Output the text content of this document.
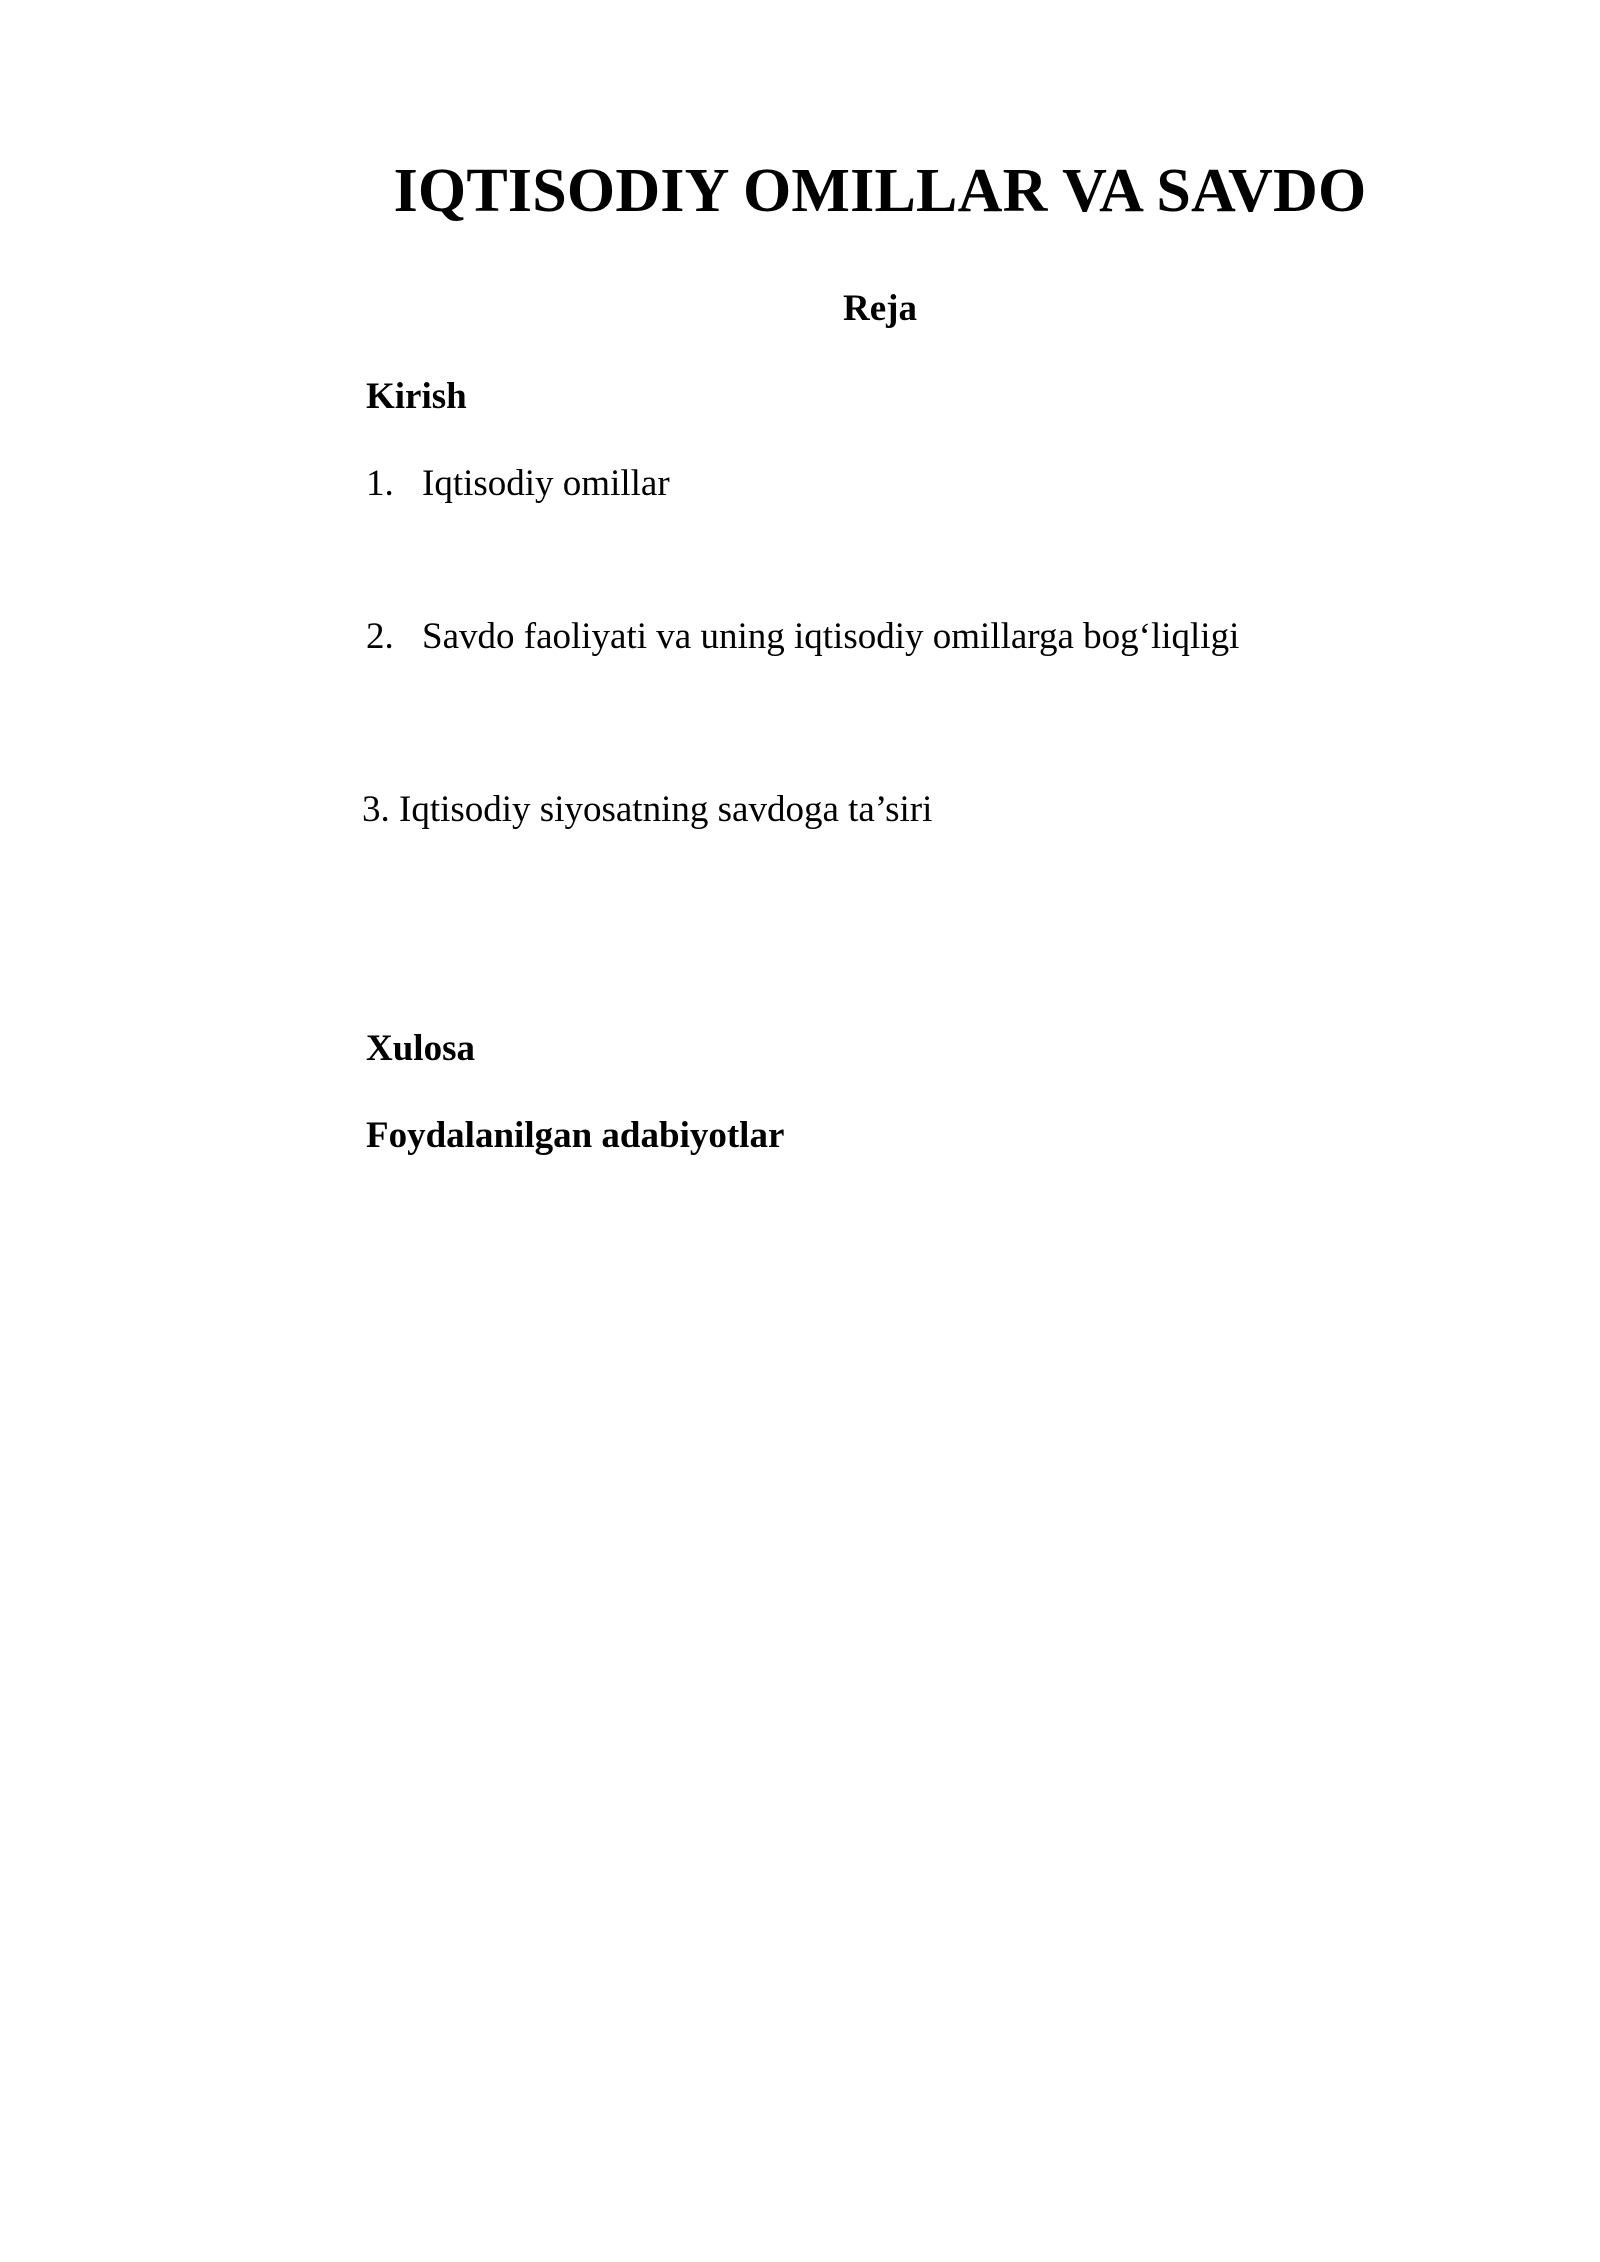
IQTISODIY OMILLAR VA SAVDO
Reja
Kirish
1. Iqtisodiy omillar
2. Savdo faoliyati va uning iqtisodiy omillarga bog‘liqligi
3. Iqtisodiy siyosatning savdoga ta’siri
Xulosa
Foydalanilgan adabiyotlar
